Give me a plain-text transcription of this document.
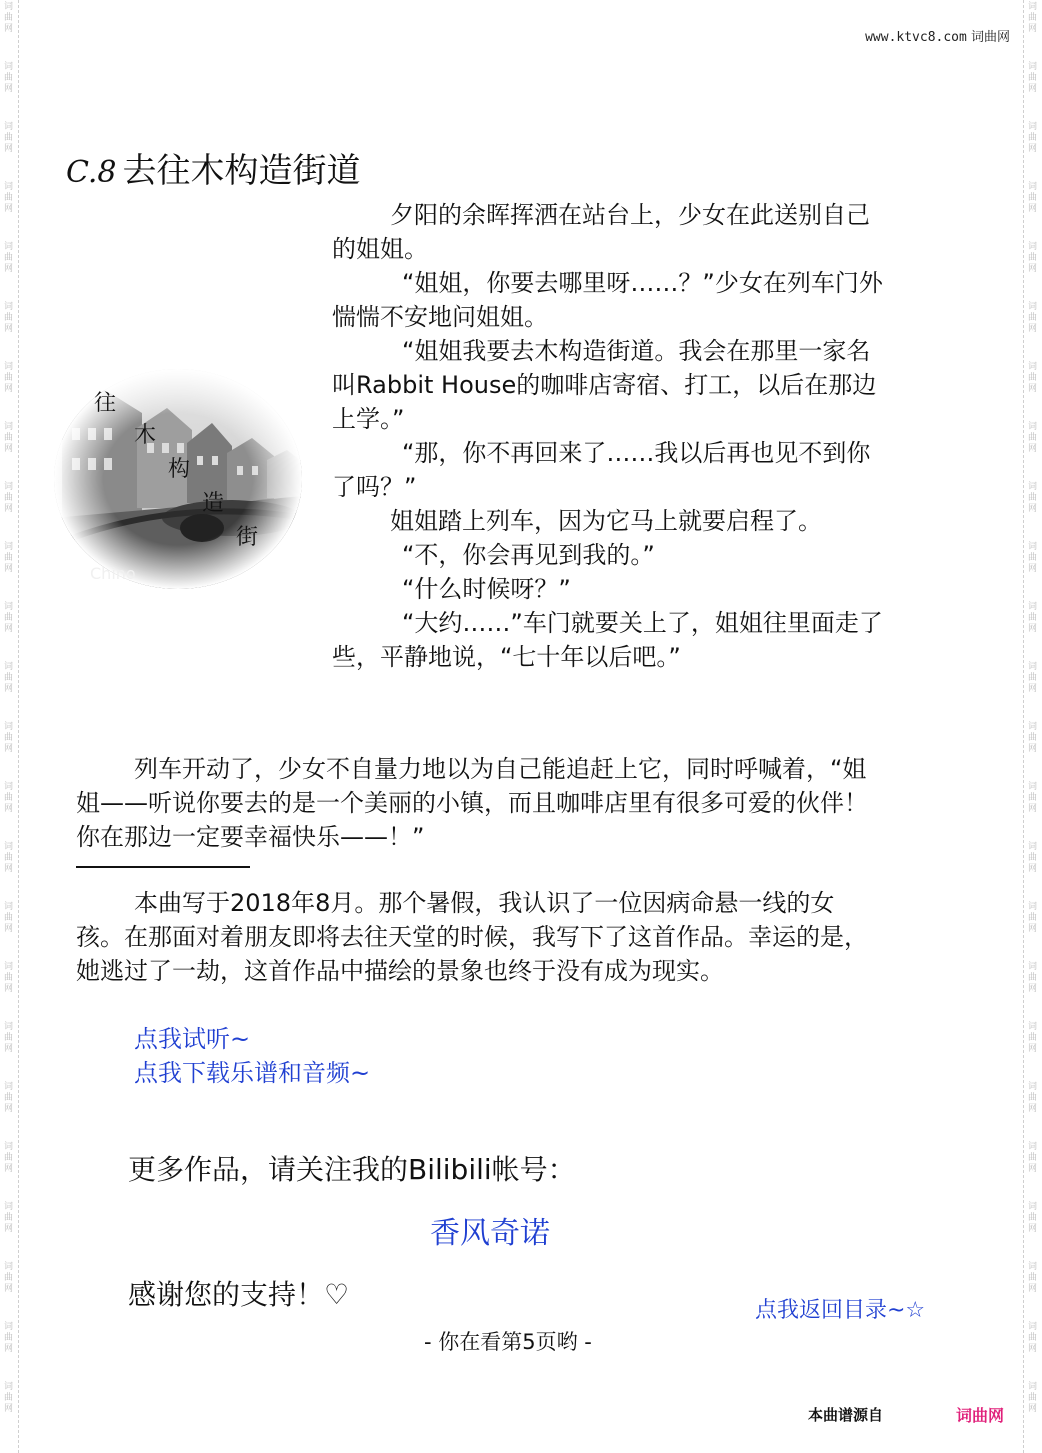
词
曲
网
词
曲
网
词
曲
网
词
曲
网
词
曲
网
词
曲
网
词
曲
网
词
曲
网
词
曲
网
词
曲
网
词
曲
网
词
曲
网
词
曲
网
词
曲
网
词
曲
网
词
曲
网
词
曲
网
词
曲
网
词
曲
网
词
曲
网
词
曲
网
词
曲
网
词
曲
网
词
曲
网
词
曲
网
词
曲
网
词
曲
网
词
曲
网
词
曲
网
词
曲
网
词
曲
网
词
曲
网
词
曲
网
词
曲
网
词
曲
网
词
曲
网
词
曲
网
词
曲
网
词
曲
网
词
曲
网
词
曲
网
词
曲
网
词
曲
网
词
曲
网
词
曲
网
词
曲
网
词
曲
网
词
曲
网
www.ktvc8.com 词曲网
C.8 去往木构造街道
往
木
构
造
街
Chino

夕阳的余晖挥洒在站台上，少女在此送别自己的姐姐。

“姐姐，你要去哪里呀……？”少女在列车门外惴惴不安地问姐姐。

“姐姐我要去木构造街道。我会在那里一家名叫Rabbit House的咖啡店寄宿、打工，以后在那边上学。”

“那，你不再回来了……我以后再也见不到你了吗？”

姐姐踏上列车，因为它马上就要启程了。

“不，你会再见到我的。”

“什么时候呀？”

“大约……”车门就要关上了，姐姐往里面走了些，平静地说，“七十年以后吧。”

列车开动了，少女不自量力地以为自己能追赶上它，同时呼喊着，“姐姐——听说你要去的是一个美丽的小镇，而且咖啡店里有很多可爱的伙伴！你在那边一定要幸福快乐——！”

本曲写于2018年8月。那个暑假，我认识了一位因病命悬一线的女孩。在那面对着朋友即将去往天堂的时候，我写下了这首作品。幸运的是，她逃过了一劫，这首作品中描绘的景象也终于没有成为现实。

点我试听~
点我下载乐谱和音频~
更多作品，请关注我的Bilibili帐号：
香风奇诺
感谢您的支持！♡	点我返回目录~☆
- 你在看第5页哟 -
本曲谱源自	词曲网
